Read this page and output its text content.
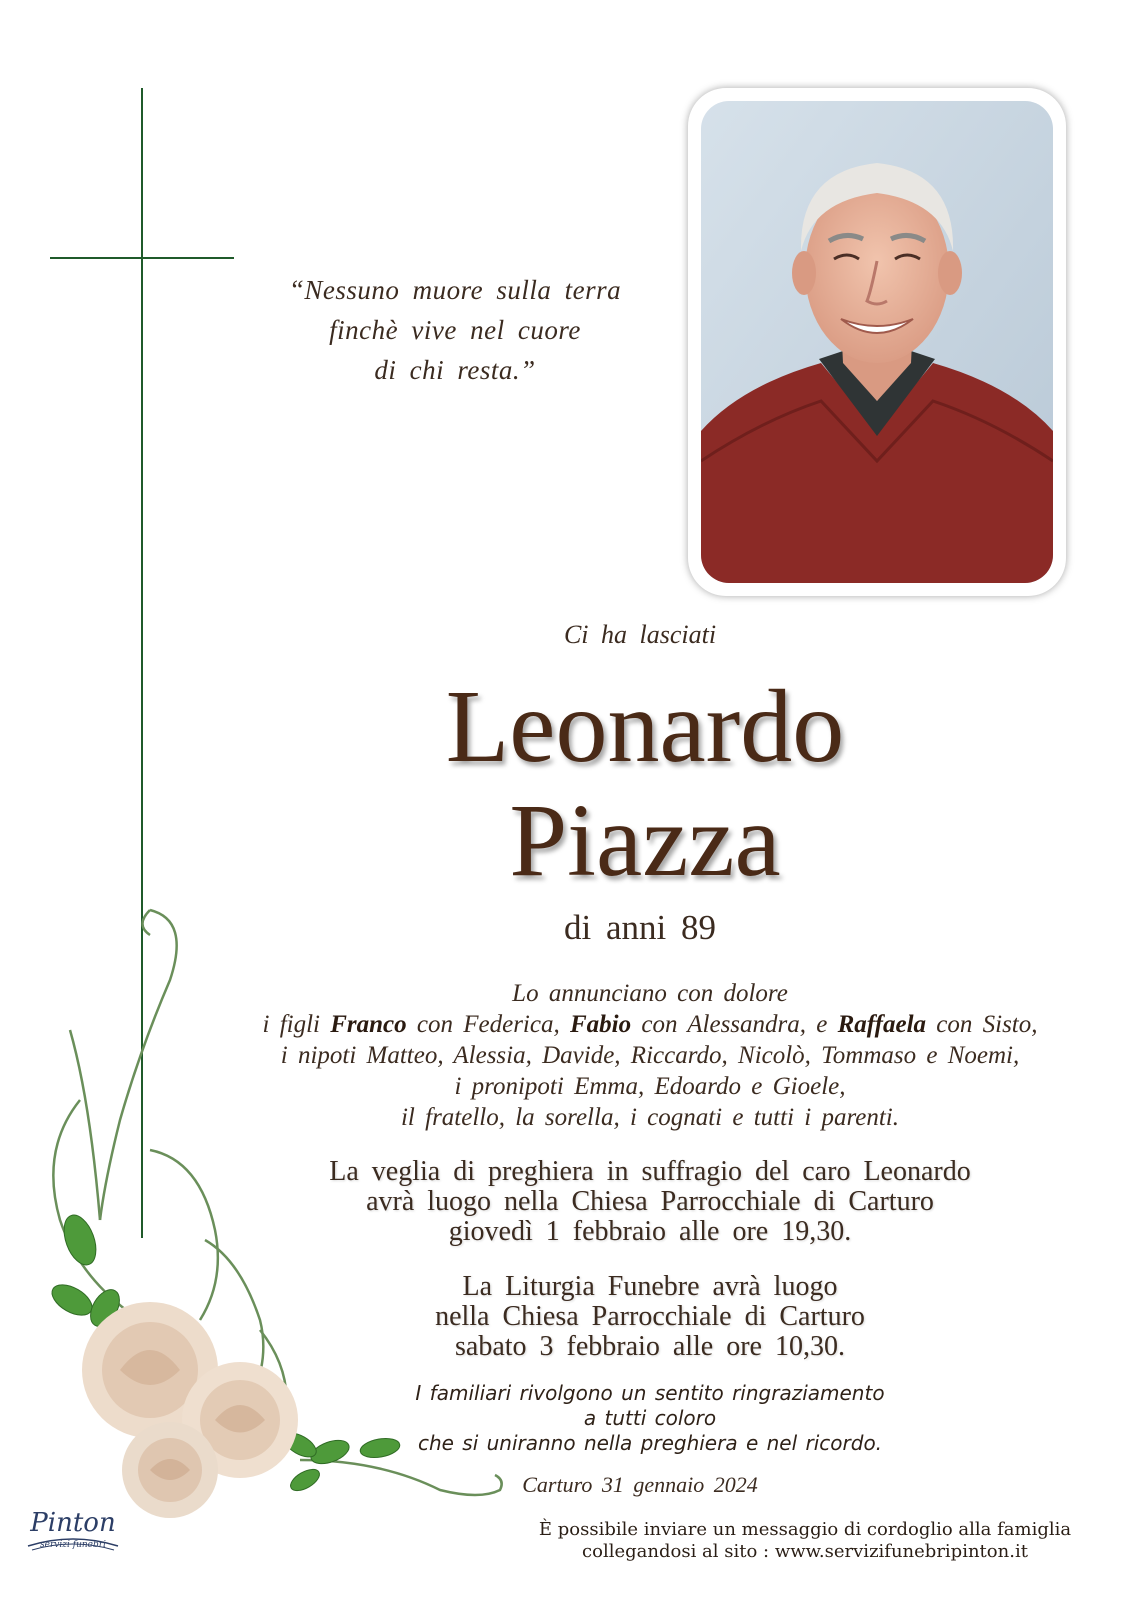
“Nessuno muore sulla terra
finchè vive nel cuore
di chi resta.”
Ci ha lasciati
Leonardo
Piazza
di anni 89
Lo annunciano con dolore
i figli Franco con Federica, Fabio con Alessandra, e Raffaela con Sisto,
i nipoti Matteo, Alessia, Davide, Riccardo, Nicolò, Tommaso e Noemi,
i pronipoti Emma, Edoardo e Gioele,
il fratello, la sorella, i cognati e tutti i parenti.
La veglia di preghiera in suffragio del caro Leonardo
avrà luogo nella Chiesa Parrocchiale di Carturo
giovedì 1 febbraio alle ore 19,30.
La Liturgia Funebre avrà luogo
nella Chiesa Parrocchiale di Carturo
sabato 3 febbraio alle ore 10,30.
I familiari rivolgono un sentito ringraziamento
a tutti coloro
che si uniranno nella preghiera e nel ricordo.
Carturo 31 gennaio 2024
È possibile inviare un messaggio di cordoglio alla famiglia
collegandosi al sito : www.servizifunebripinton.it
Pinton
servizi funebri
